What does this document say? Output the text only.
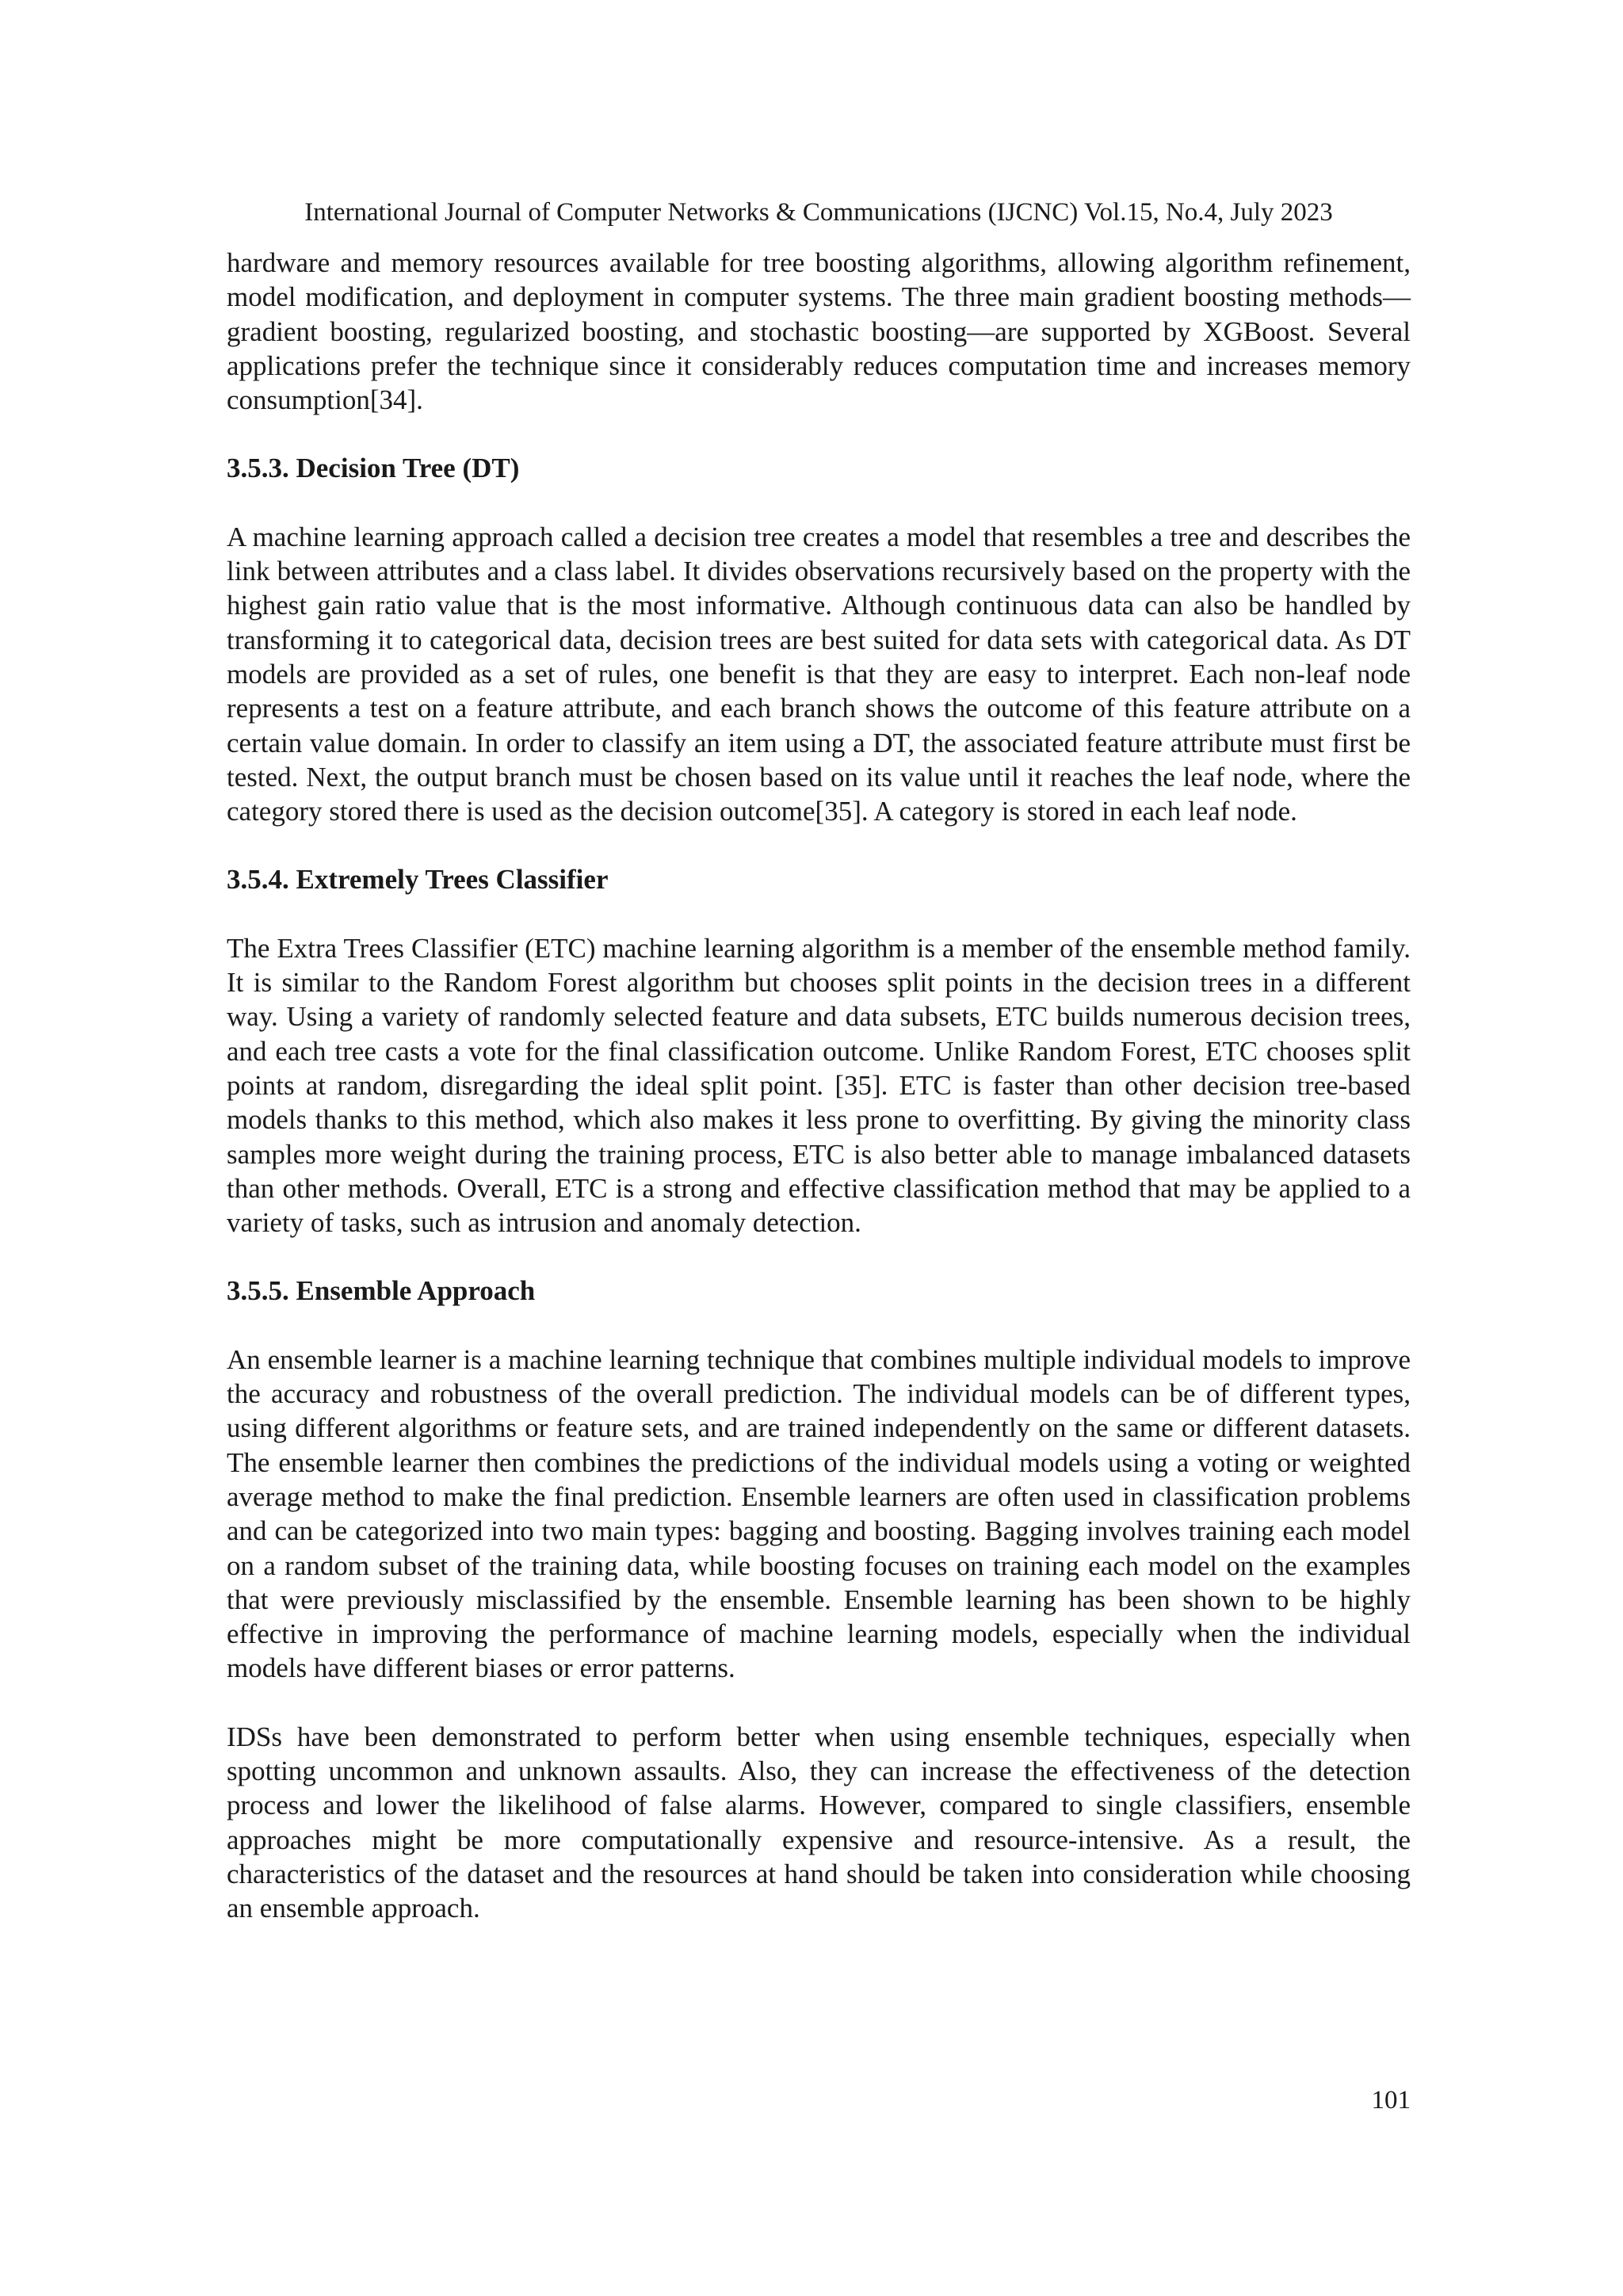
International Journal of Computer Networks & Communications (IJCNC) Vol.15, No.4, July 2023

hardware and memory resources available for tree boosting algorithms, allowing algorithm refinement, model modification, and deployment in computer systems. The three main gradient boosting methods—gradient boosting, regularized boosting, and stochastic boosting—are supported by XGBoost. Several applications prefer the technique since it considerably reduces computation time and increases memory consumption[34].

3.5.3. Decision Tree (DT)

A machine learning approach called a decision tree creates a model that resembles a tree and describes the link between attributes and a class label. It divides observations recursively based on the property with the highest gain ratio value that is the most informative. Although continuous data can also be handled by transforming it to categorical data, decision trees are best suited for data sets with categorical data. As DT models are provided as a set of rules, one benefit is that they are easy to interpret. Each non-leaf node represents a test on a feature attribute, and each branch shows the outcome of this feature attribute on a certain value domain. In order to classify an item using a DT, the associated feature attribute must first be tested. Next, the output branch must be chosen based on its value until it reaches the leaf node, where the category stored there is used as the decision outcome[35]. A category is stored in each leaf node.

3.5.4. Extremely Trees Classifier

The Extra Trees Classifier (ETC) machine learning algorithm is a member of the ensemble method family. It is similar to the Random Forest algorithm but chooses split points in the decision trees in a different way. Using a variety of randomly selected feature and data subsets, ETC builds numerous decision trees, and each tree casts a vote for the final classification outcome. Unlike Random Forest, ETC chooses split points at random, disregarding the ideal split point. [35]. ETC is faster than other decision tree-based models thanks to this method, which also makes it less prone to overfitting. By giving the minority class samples more weight during the training process, ETC is also better able to manage imbalanced datasets than other methods. Overall, ETC is a strong and effective classification method that may be applied to a variety of tasks, such as intrusion and anomaly detection.

3.5.5. Ensemble Approach

An ensemble learner is a machine learning technique that combines multiple individual models to improve the accuracy and robustness of the overall prediction. The individual models can be of different types, using different algorithms or feature sets, and are trained independently on the same or different datasets. The ensemble learner then combines the predictions of the individual models using a voting or weighted average method to make the final prediction. Ensemble learners are often used in classification problems and can be categorized into two main types: bagging and boosting. Bagging involves training each model on a random subset of the training data, while boosting focuses on training each model on the examples that were previously misclassified by the ensemble. Ensemble learning has been shown to be highly effective in improving the performance of machine learning models, especially when the individual models have different biases or error patterns.

IDSs have been demonstrated to perform better when using ensemble techniques, especially when spotting uncommon and unknown assaults. Also, they can increase the effectiveness of the detection process and lower the likelihood of false alarms. However, compared to single classifiers, ensemble approaches might be more computationally expensive and resource-intensive. As a result, the characteristics of the dataset and the resources at hand should be taken into consideration while choosing an ensemble approach.

101
